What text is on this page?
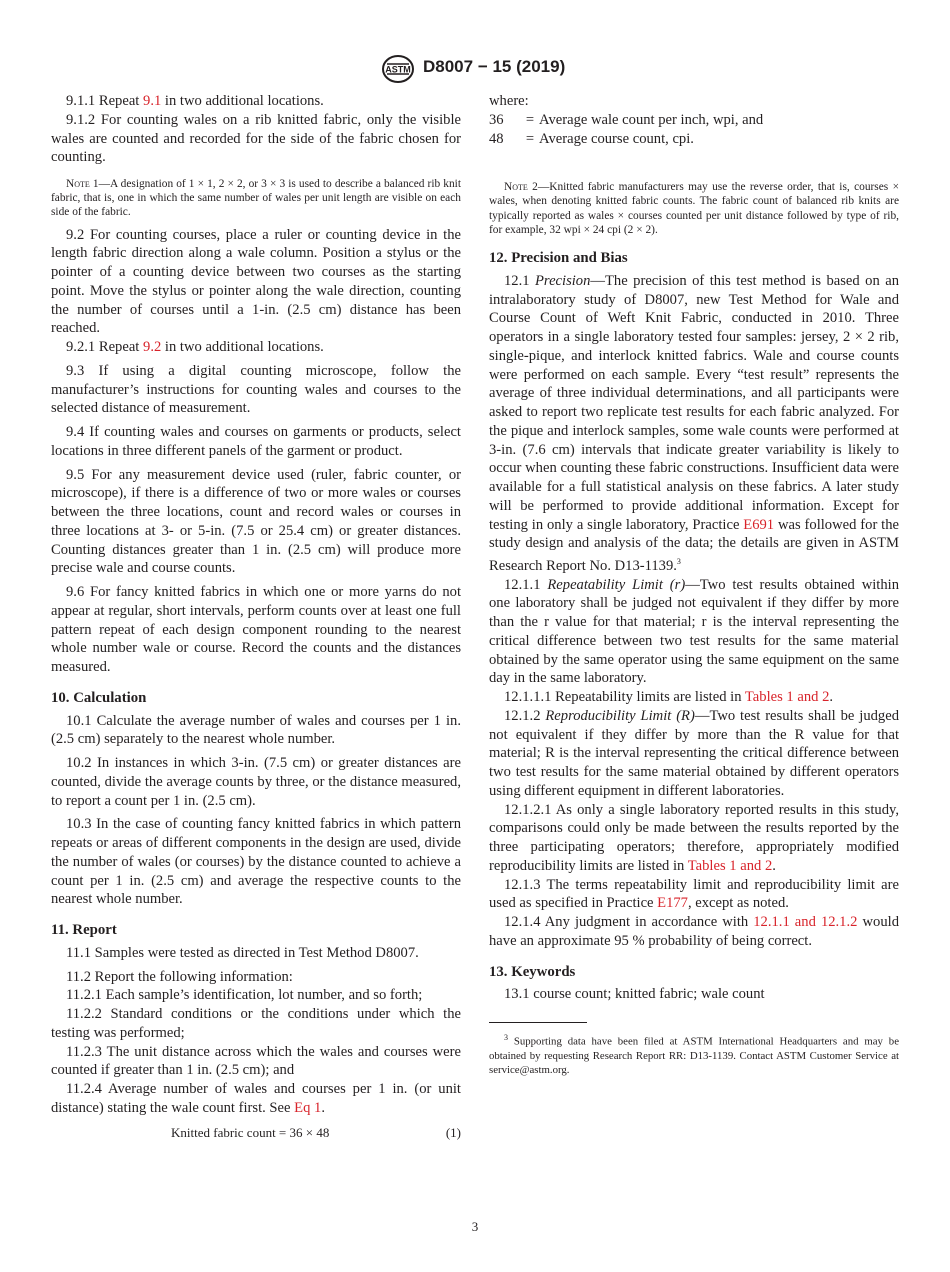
ASTM D8007 − 15 (2019)

9.1.1 Repeat 9.1 in two additional locations.

9.1.2 For counting wales on a rib knitted fabric, only the visible wales are counted and recorded for the side of the fabric chosen for counting.

Note 1—A designation of 1 × 1, 2 × 2, or 3 × 3 is used to describe a balanced rib knit fabric, that is, one in which the same number of wales per unit length are visible on each side of the fabric.

9.2 For counting courses, place a ruler or counting device in the length fabric direction along a wale column. Position a stylus or the pointer of a counting device between two courses as the starting point. Move the stylus or pointer along the wale direction, counting the number of courses until a 1-in. (2.5 cm) distance has been reached.

9.2.1 Repeat 9.2 in two additional locations.

9.3 If using a digital counting microscope, follow the manufacturer’s instructions for counting wales and courses to the selected distance of measurement.

9.4 If counting wales and courses on garments or products, select locations in three different panels of the garment or product.

9.5 For any measurement device used (ruler, fabric counter, or microscope), if there is a difference of two or more wales or courses between the three locations, count and record wales or courses in three locations at 3- or 5-in. (7.5 or 25.4 cm) or greater distances. Counting distances greater than 1 in. (2.5 cm) will produce more precise wale and course counts.

9.6 For fancy knitted fabrics in which one or more yarns do not appear at regular, short intervals, perform counts over at least one full pattern repeat of each design component rounding to the nearest whole number wale or course. Record the counts and the distances measured.

10. Calculation

10.1 Calculate the average number of wales and courses per 1 in. (2.5 cm) separately to the nearest whole number.

10.2 In instances in which 3-in. (7.5 cm) or greater distances are counted, divide the average counts by three, or the distance measured, to report a count per 1 in. (2.5 cm).

10.3 In the case of counting fancy knitted fabrics in which pattern repeats or areas of different components in the design are used, divide the number of wales (or courses) by the distance counted to achieve a count per 1 in. (2.5 cm) and average the respective counts to the nearest whole number.

11. Report

11.1 Samples were tested as directed in Test Method D8007.

11.2 Report the following information:

11.2.1 Each sample’s identification, lot number, and so forth;

11.2.2 Standard conditions or the conditions under which the testing was performed;

11.2.3 The unit distance across which the wales and courses were counted if greater than 1 in. (2.5 cm); and

11.2.4 Average number of wales and courses per 1 in. (or unit distance) stating the wale count first. See Eq 1.

Knitted fabric count = 36 × 48	(1)

where:

36	= Average wale count per inch, wpi, and
48	= Average course count, cpi.

Note 2—Knitted fabric manufacturers may use the reverse order, that is, courses × wales, when denoting knitted fabric counts. The fabric count of balanced rib knits are typically reported as wales × courses counted per unit distance followed by type of rib, for example, 32 wpi × 24 cpi (2 × 2).

12. Precision and Bias

12.1 Precision—The precision of this test method is based on an intralaboratory study of D8007, new Test Method for Wale and Course Count of Weft Knit Fabric, conducted in 2010. Three operators in a single laboratory tested four samples: jersey, 2 × 2 rib, single-pique, and interlock knitted fabrics. Wale and course counts were performed on each sample. Every “test result” represents the average of three individual determinations, and all participants were asked to report two replicate test results for each fabric analyzed. For the pique and interlock samples, some wale counts were performed at 3-in. (7.6 cm) intervals that indicate greater variability is likely to occur when counting these fabric constructions. Insufficient data were available for a full statistical analysis on these fabrics. A later study will be performed to provide additional information. Except for testing in only a single laboratory, Practice E691 was followed for the study design and analysis of the data; the details are given in ASTM Research Report No. D13-1139.$^3$

12.1.1 Repeatability Limit (r)—Two test results obtained within one laboratory shall be judged not equivalent if they differ by more than the r value for that material; r is the interval representing the critical difference between two test results for the same material obtained by the same operator using the same equipment on the same day in the same laboratory.

12.1.1.1 Repeatability limits are listed in Tables 1 and 2.

12.1.2 Reproducibility Limit (R)—Two test results shall be judged not equivalent if they differ by more than the R value for that material; R is the interval representing the critical difference between two test results for the same material obtained by different operators using different equipment in different laboratories.

12.1.2.1 As only a single laboratory reported results in this study, comparisons could only be made between the results reported by the three participating operators; therefore, appropriately modified reproducibility limits are listed in Tables 1 and 2.

12.1.3 The terms repeatability limit and reproducibility limit are used as specified in Practice E177, except as noted.

12.1.4 Any judgment in accordance with 12.1.1 and 12.1.2 would have an approximate 95 % probability of being correct.

13. Keywords

13.1 course count; knitted fabric; wale count

$^3$ Supporting data have been filed at ASTM International Headquarters and may be obtained by requesting Research Report RR: D13-1139. Contact ASTM Customer Service at service@astm.org.

3
